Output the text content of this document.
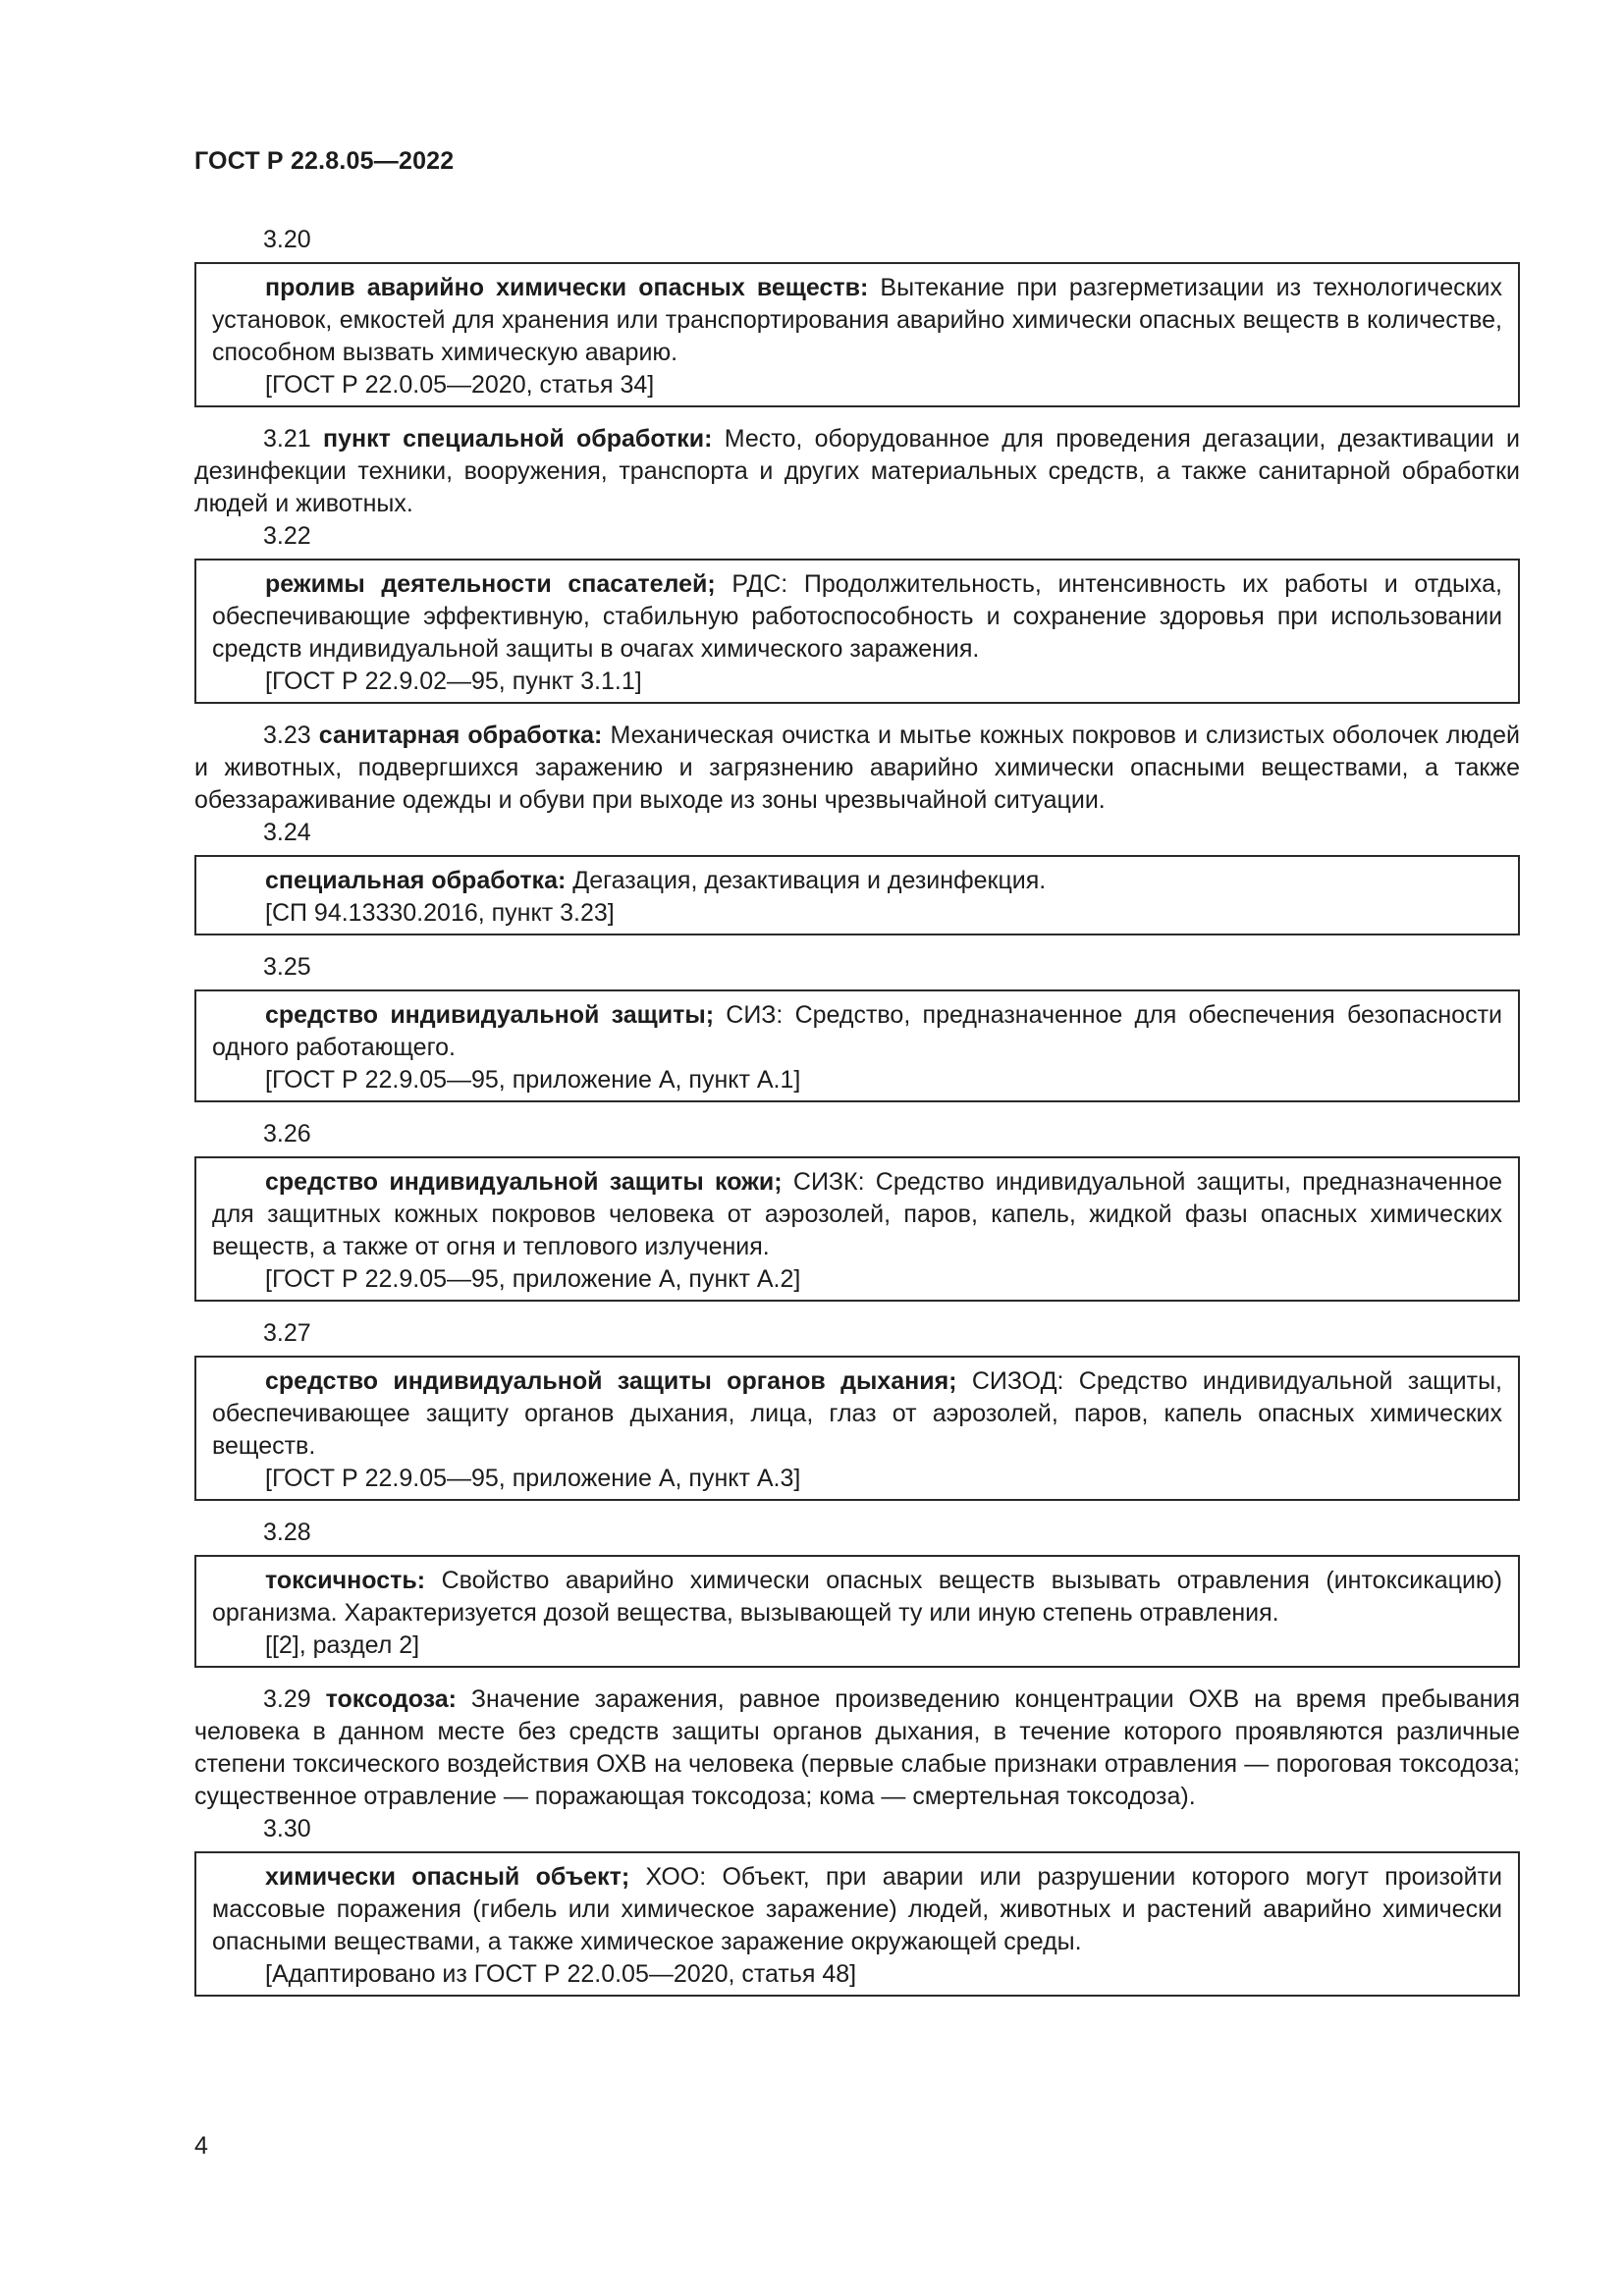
ГОСТ Р 22.8.05—2022
3.20

пролив аварийно химически опасных веществ: Вытекание при разгерметизации из технологических установок, емкостей для хранения или транспортирования аварийно химически опасных веществ в количестве, способном вызвать химическую аварию.

[ГОСТ Р 22.0.05—2020, статья 34]

3.21 пункт специальной обработки: Место, оборудованное для проведения дегазации, дезактивации и дезинфекции техники, вооружения, транспорта и других материальных средств, а также санитарной обработки людей и животных.

3.22

режимы деятельности спасателей; РДС: Продолжительность, интенсивность их работы и отдыха, обеспечивающие эффективную, стабильную работоспособность и сохранение здоровья при использовании средств индивидуальной защиты в очагах химического заражения.

[ГОСТ Р 22.9.02—95, пункт 3.1.1]

3.23 санитарная обработка: Механическая очистка и мытье кожных покровов и слизистых оболочек людей и животных, подвергшихся заражению и загрязнению аварийно химически опасными веществами, а также обеззараживание одежды и обуви при выходе из зоны чрезвычайной ситуации.

3.24

специальная обработка: Дегазация, дезактивация и дезинфекция.

[СП 94.13330.2016, пункт 3.23]

3.25

средство индивидуальной защиты; СИЗ: Средство, предназначенное для обеспечения безопасности одного работающего.

[ГОСТ Р 22.9.05—95, приложение А, пункт А.1]

3.26

средство индивидуальной защиты кожи; СИЗК: Средство индивидуальной защиты, предназначенное для защитных кожных покровов человека от аэрозолей, паров, капель, жидкой фазы опасных химических веществ, а также от огня и теплового излучения.

[ГОСТ Р 22.9.05—95, приложение А, пункт А.2]

3.27

средство индивидуальной защиты органов дыхания; СИЗОД: Средство индивидуальной защиты, обеспечивающее защиту органов дыхания, лица, глаз от аэрозолей, паров, капель опасных химических веществ.

[ГОСТ Р 22.9.05—95, приложение А, пункт А.3]

3.28

токсичность: Свойство аварийно химически опасных веществ вызывать отравления (интоксикацию) организма. Характеризуется дозой вещества, вызывающей ту или иную степень отравления.

[[2], раздел 2]

3.29 токсодоза: Значение заражения, равное произведению концентрации ОХВ на время пребывания человека в данном месте без средств защиты органов дыхания, в течение которого проявляются различные степени токсического воздействия ОХВ на человека (первые слабые признаки отравления — пороговая токсодоза; существенное отравление — поражающая токсодоза; кома — смертельная токсодоза).

3.30

химически опасный объект; ХОО: Объект, при аварии или разрушении которого могут произойти массовые поражения (гибель или химическое заражение) людей, животных и растений аварийно химически опасными веществами, а также химическое заражение окружающей среды.

[Адаптировано из ГОСТ Р 22.0.05—2020, статья 48]

4
